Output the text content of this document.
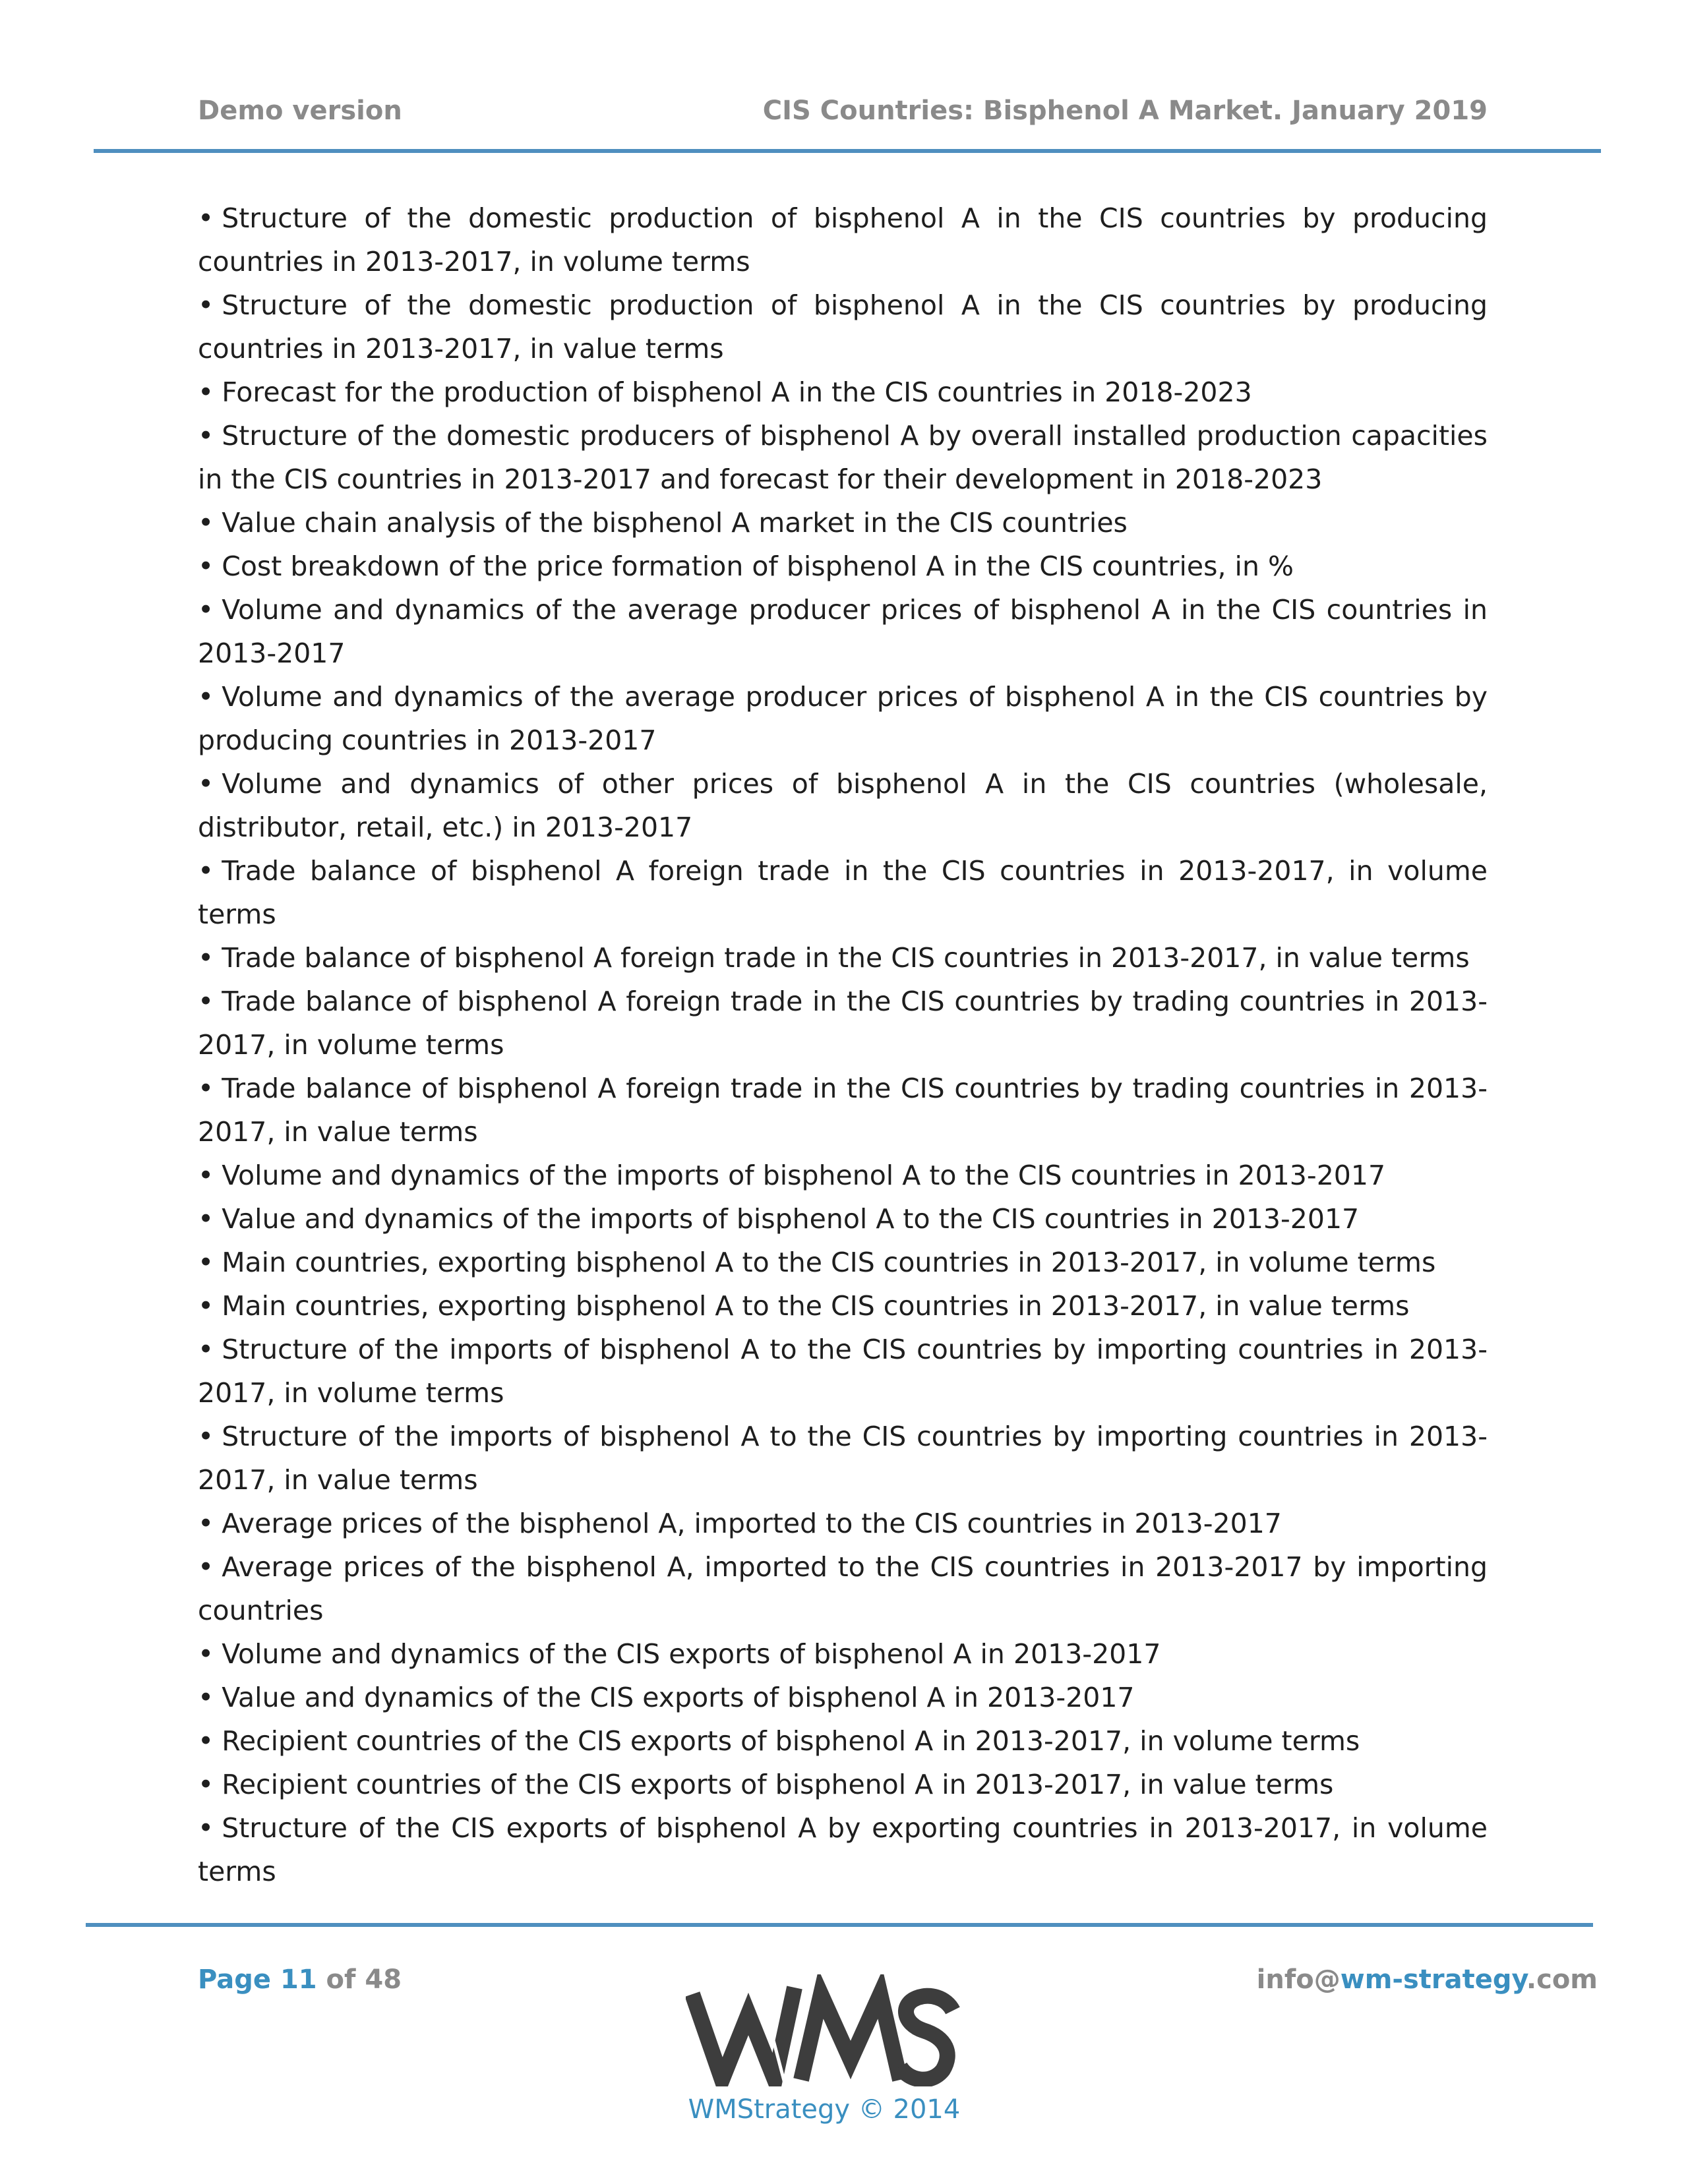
Demo version	CIS Countries: Bisphenol A Market. January 2019
• Structure of the domestic production of bisphenol A in the CIS countries by producing countries in 2013-2017, in volume terms
• Structure of the domestic production of bisphenol A in the CIS countries by producing countries in 2013-2017, in value terms
• Forecast for the production of bisphenol A in the CIS countries in 2018-2023
• Structure of the domestic producers of bisphenol A by overall installed production capacities in the CIS countries in 2013-2017 and forecast for their development in 2018-2023
• Value chain analysis of the bisphenol A market in the CIS countries
• Cost breakdown of the price formation of bisphenol A in the CIS countries, in %
• Volume and dynamics of the average producer prices of bisphenol A in the CIS countries in 2013-2017
• Volume and dynamics of the average producer prices of bisphenol A in the CIS countries by producing countries in 2013-2017
• Volume and dynamics of other prices of bisphenol A in the CIS countries (wholesale, distributor, retail, etc.) in 2013-2017
• Trade balance of bisphenol A foreign trade in the CIS countries in 2013-2017, in volume terms
• Trade balance of bisphenol A foreign trade in the CIS countries in 2013-2017, in value terms
• Trade balance of bisphenol A foreign trade in the CIS countries by trading countries in 2013-2017, in volume terms
• Trade balance of bisphenol A foreign trade in the CIS countries by trading countries in 2013-2017, in value terms
• Volume and dynamics of the imports of bisphenol A to the CIS countries in 2013-2017
• Value and dynamics of the imports of bisphenol A to the CIS countries in 2013-2017
• Main countries, exporting bisphenol A to the CIS countries in 2013-2017, in volume terms
• Main countries, exporting bisphenol A to the CIS countries in 2013-2017, in value terms
• Structure of the imports of bisphenol A to the CIS countries by importing countries in 2013-2017, in volume terms
• Structure of the imports of bisphenol A to the CIS countries by importing countries in 2013-2017, in value terms
• Average prices of the bisphenol A, imported to the CIS countries in 2013-2017
• Average prices of the bisphenol A, imported to the CIS countries in 2013-2017 by importing countries
• Volume and dynamics of the CIS exports of bisphenol A in 2013-2017
• Value and dynamics of the CIS exports of bisphenol A in 2013-2017
• Recipient countries of the CIS exports of bisphenol A in 2013-2017, in volume terms
• Recipient countries of the CIS exports of bisphenol A in 2013-2017, in value terms
• Structure of the CIS exports of bisphenol A by exporting countries in 2013-2017, in volume terms
Page 11 of 48	info@wm-strategy.com
WMStrategy © 2014
